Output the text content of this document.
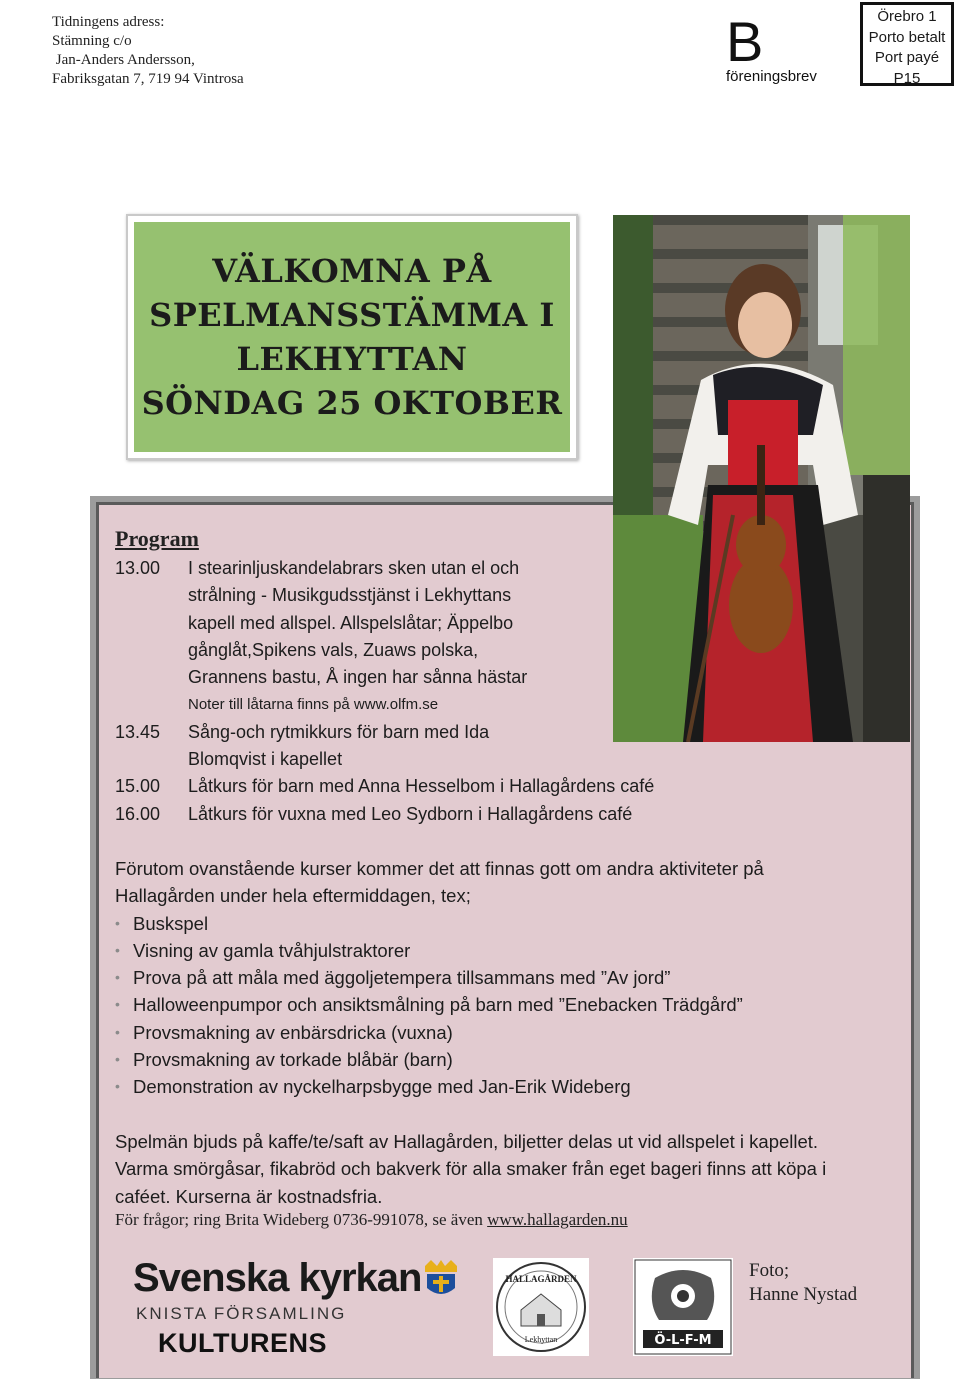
Tidningens adress:
Stämning c/o
Jan-Anders Andersson,
Fabriksgatan 7, 719 94 Vintrosa
B
föreningsbrev
Örebro 1
Porto betalt
Port payé
P15
VÄLKOMNA PÅ
SPELMANSSTÄMMA I
LEKHYTTAN
SÖNDAG 25 OKTOBER
Program
13.00	I stearinljuskandelabrars sken utan el och
strålning - Musikgudsstjänst i Lekhyttans
kapell med allspel. Allspelslåtar; Äppelbo
gånglåt,Spikens vals, Zuaws polska,
Grannens bastu, Å ingen har sånna hästar
Noter till låtarna finns på www.olfm.se
13.45	Sång-och rytmikkurs för barn med Ida
Blomqvist i kapellet
15.00	Låtkurs för barn med Anna Hesselbom i Hallagårdens café
16.00	Låtkurs för vuxna med Leo Sydborn i Hallagårdens café
Förutom ovanstående kurser kommer det att finnas gott om andra aktiviteter på
Hallagården under hela eftermiddagen, tex;
• Buskspel
• Visning av gamla tvåhjulstraktorer
• Prova på att måla med äggoljetempera tillsammans med ”Av jord”
• Halloweenpumpor och ansiktsmålning på barn med ”Enebacken Trädgård”
• Provsmakning av enbärsdricka (vuxna)
• Provsmakning av torkade blåbär (barn)
• Demonstration av nyckelharpsbygge med Jan-Erik Wideberg
Spelmän bjuds på kaffe/te/saft av Hallagården, biljetter delas ut vid allspelet i kapellet.
Varma smörgåsar, fikabröd och bakverk för alla smaker från eget bageri finns att köpa i
caféet. Kurserna är kostnadsfria.
För frågor; ring Brita Wideberg 0736-991078, se även www.hallagarden.nu
Svenska kyrkan
KNISTA FÖRSAMLING
KULTURENS
HALLAGÅRDEN
Lekhyttan	Ö-L-F-M
Foto;
Hanne Nystad
